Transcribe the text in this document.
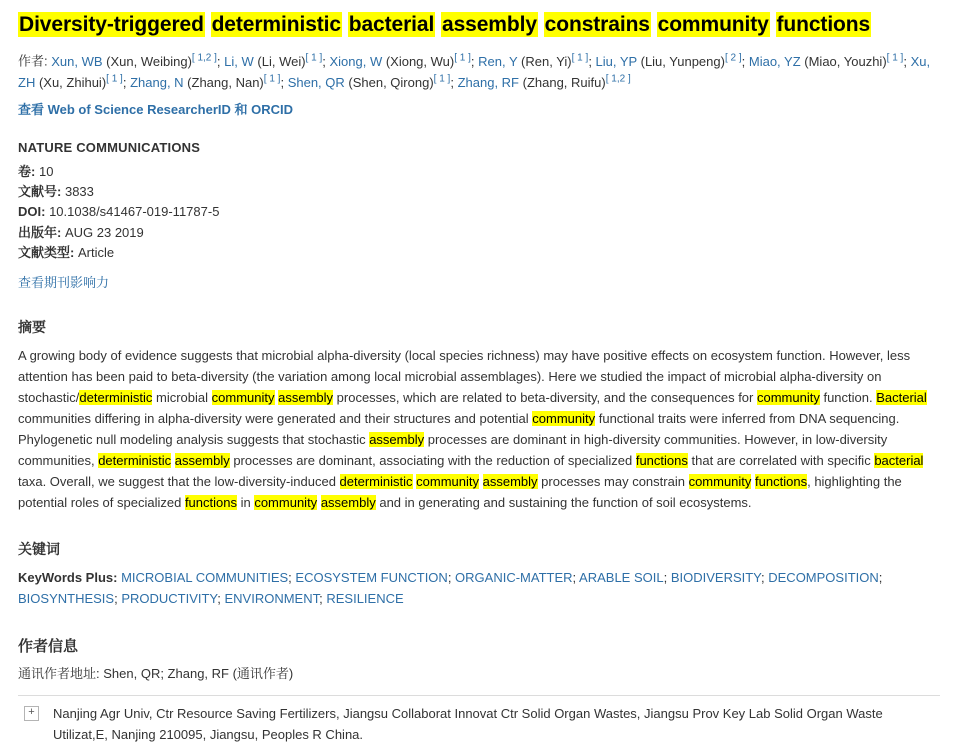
Diversity-triggered deterministic bacterial assembly constrains community functions
作者: Xun, WB (Xun, Weibing)[ 1,2 ]; Li, W (Li, Wei)[ 1 ]; Xiong, W (Xiong, Wu)[ 1 ]; Ren, Y (Ren, Yi)[ 1 ]; Liu, YP (Liu, Yunpeng)[ 2 ]; Miao, YZ (Miao, Youzhi)[ 1 ]; Xu, ZH (Xu, Zhihui)[ 1 ]; Zhang, N (Zhang, Nan)[ 1 ]; Shen, QR (Shen, Qirong)[ 1 ]; Zhang, RF (Zhang, Ruifu)[ 1,2 ]
查看 Web of Science ResearcherID 和 ORCID
NATURE COMMUNICATIONS
卷: 10
文献号: 3833
DOI: 10.1038/s41467-019-11787-5
出版年: AUG 23 2019
文献类型: Article
查看期刊影响力
摘要
A growing body of evidence suggests that microbial alpha-diversity (local species richness) may have positive effects on ecosystem function. However, less attention has been paid to beta-diversity (the variation among local microbial assemblages). Here we studied the impact of microbial alpha-diversity on stochastic/deterministic microbial community assembly processes, which are related to beta-diversity, and the consequences for community function. Bacterial communities differing in alpha-diversity were generated and their structures and potential community functional traits were inferred from DNA sequencing. Phylogenetic null modeling analysis suggests that stochastic assembly processes are dominant in high-diversity communities. However, in low-diversity communities, deterministic assembly processes are dominant, associating with the reduction of specialized functions that are correlated with specific bacterial taxa. Overall, we suggest that the low-diversity-induced deterministic community assembly processes may constrain community functions, highlighting the potential roles of specialized functions in community assembly and in generating and sustaining the function of soil ecosystems.
关键词
KeyWords Plus: MICROBIAL COMMUNITIES; ECOSYSTEM FUNCTION; ORGANIC-MATTER; ARABLE SOIL; BIODIVERSITY; DECOMPOSITION; BIOSYNTHESIS; PRODUCTIVITY; ENVIRONMENT; RESILIENCE
作者信息
通讯作者地址: Shen, QR; Zhang, RF (通讯作者)
+	Nanjing Agr Univ, Ctr Resource Saving Fertilizers, Jiangsu Collaborat Innovat Ctr Solid Organ Wastes, Jiangsu Prov Key Lab Solid Organ Waste Utilizat,E, Nanjing 210095, Jiangsu, Peoples R China.
